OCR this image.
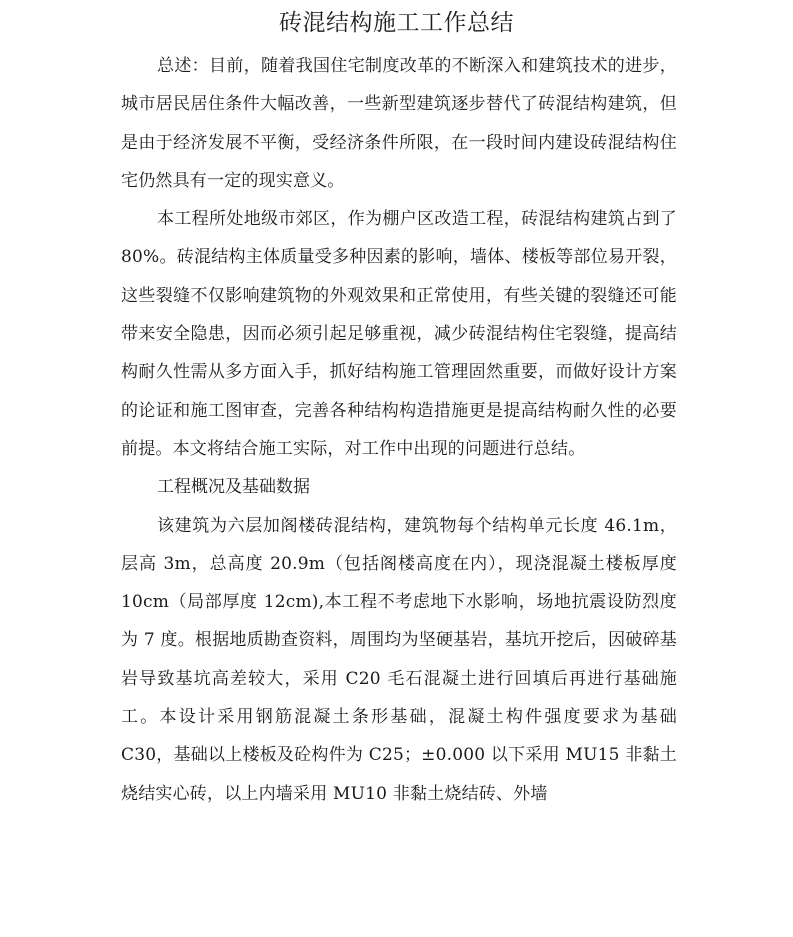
砖混结构施工工作总结

总述：目前，随着我国住宅制度改革的不断深入和建筑技术的进步，城市居民居住条件大幅改善，一些新型建筑逐步替代了砖混结构建筑，但是由于经济发展不平衡，受经济条件所限，在一段时间内建设砖混结构住宅仍然具有一定的现实意义。

本工程所处地级市郊区，作为棚户区改造工程，砖混结构建筑占到了 80%。砖混结构主体质量受多种因素的影响，墙体、楼板等部位易开裂，这些裂缝不仅影响建筑物的外观效果和正常使用，有些关键的裂缝还可能带来安全隐患，因而必须引起足够重视，减少砖混结构住宅裂缝，提高结构耐久性需从多方面入手，抓好结构施工管理固然重要，而做好设计方案的论证和施工图审查，完善各种结构构造措施更是提高结构耐久性的必要前提。本文将结合施工实际，对工作中出现的问题进行总结。

工程概况及基础数据

该建筑为六层加阁楼砖混结构，建筑物每个结构单元长度 46.1m，层高 3m，总高度 20.9m（包括阁楼高度在内），现浇混凝土楼板厚度 10cm（局部厚度 12cm),本工程不考虑地下水影响，场地抗震设防烈度为 7 度。根据地质勘查资料，周围均为坚硬基岩，基坑开挖后，因破碎基岩导致基坑高差较大，采用 C20 毛石混凝土进行回填后再进行基础施工。本设计采用钢筋混凝土条形基础，混凝土构件强度要求为基础 C30，基础以上楼板及砼构件为 C25；±0.000 以下采用 MU15 非黏土烧结实心砖，以上内墙采用 MU10 非黏土烧结砖、外墙
